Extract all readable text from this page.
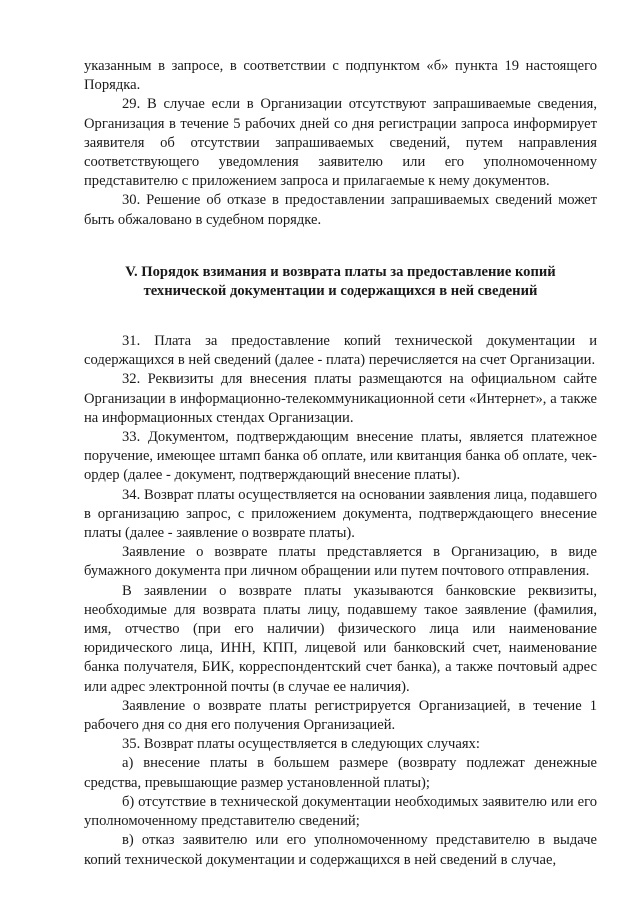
указанным в запросе, в соответствии с подпунктом «б» пункта 19 настоящего Порядка.

29. В случае если в Организации отсутствуют запрашиваемые сведения, Организация в течение 5 рабочих дней со дня регистрации запроса информирует заявителя об отсутствии запрашиваемых сведений, путем направления соответствующего уведомления заявителю или его уполномоченному представителю с приложением запроса и прилагаемые к нему документов.

30. Решение об отказе в предоставлении запрашиваемых сведений может быть обжаловано в судебном порядке.

V. Порядок взимания и возврата платы за предоставление копий
технической документации и содержащихся в ней сведений

31. Плата за предоставление копий технической документации и содержащихся в ней сведений (далее - плата) перечисляется на счет Организации.

32. Реквизиты для внесения платы размещаются на официальном сайте Организации в информационно-телекоммуникационной сети «Интернет», а также на информационных стендах Организации.

33. Документом, подтверждающим внесение платы, является платежное поручение, имеющее штамп банка об оплате, или квитанция банка об оплате, чек-ордер (далее - документ, подтверждающий внесение платы).

34. Возврат платы осуществляется на основании заявления лица, подавшего в организацию запрос, с приложением документа, подтверждающего внесение платы (далее - заявление о возврате платы).

Заявление о возврате платы представляется в Организацию, в виде бумажного документа при личном обращении или путем почтового отправления.

В заявлении о возврате платы указываются банковские реквизиты, необходимые для возврата платы лицу, подавшему такое заявление (фамилия, имя, отчество (при его наличии) физического лица или наименование юридического лица, ИНН, КПП, лицевой или банковский счет, наименование банка получателя, БИК, корреспондентский счет банка), а также почтовый адрес или адрес электронной почты (в случае ее наличия).

Заявление о возврате платы регистрируется Организацией, в течение 1 рабочего дня со дня его получения Организацией.

35. Возврат платы осуществляется в следующих случаях:

а) внесение платы в большем размере (возврату подлежат денежные средства, превышающие размер установленной платы);

б) отсутствие в технической документации необходимых заявителю или его уполномоченному представителю сведений;

в) отказ заявителю или его уполномоченному представителю в выдаче копий технической документации и содержащихся в ней сведений в случае,
